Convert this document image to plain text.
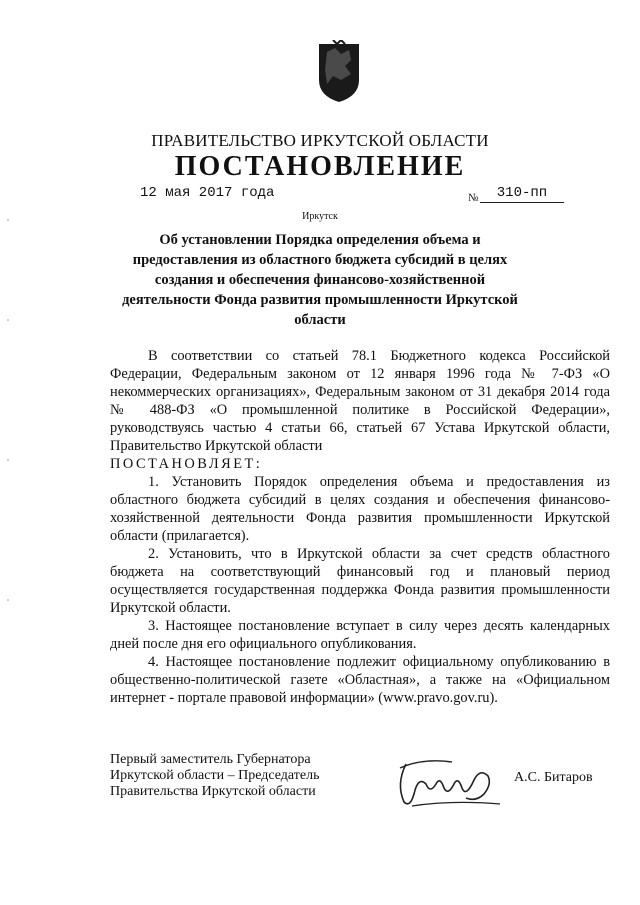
ПРАВИТЕЛЬСТВО ИРКУТСКОЙ ОБЛАСТИ
ПОСТАНОВЛЕНИЕ
12 мая 2017 года	№	310-пп
Иркутск
Об установлении Порядка определения объема и предоставления из областного бюджета субсидий в целях создания и обеспечения финансово-хозяйственной деятельности Фонда развития промышленности Иркутской области

В соответствии со статьей 78.1 Бюджетного кодекса Российской Федерации, Федеральным законом от 12 января 1996 года № 7-ФЗ «О некоммерческих организациях», Федеральным законом от 31 декабря 2014 года № 488-ФЗ «О промышленной политике в Российской Федерации», руководствуясь частью 4 статьи 66, статьей 67 Устава Иркутской области, Правительство Иркутской области

ПОСТАНОВЛЯЕТ:

1. Установить Порядок определения объема и предоставления из областного бюджета субсидий в целях создания и обеспечения финансово-хозяйственной деятельности Фонда развития промышленности Иркутской области (прилагается).

2. Установить, что в Иркутской области за счет средств областного бюджета на соответствующий финансовый год и плановый период осуществляется государственная поддержка Фонда развития промышленности Иркутской области.

3. Настоящее постановление вступает в силу через десять календарных дней после дня его официального опубликования.

4. Настоящее постановление подлежит официальному опубликованию в общественно-политической газете «Областная», а также на «Официальном интернет - портале правовой информации» (www.pravo.gov.ru).

Первый заместитель Губернатора
Иркутской области – Председатель
Правительства Иркутской области
А.С. Битаров
